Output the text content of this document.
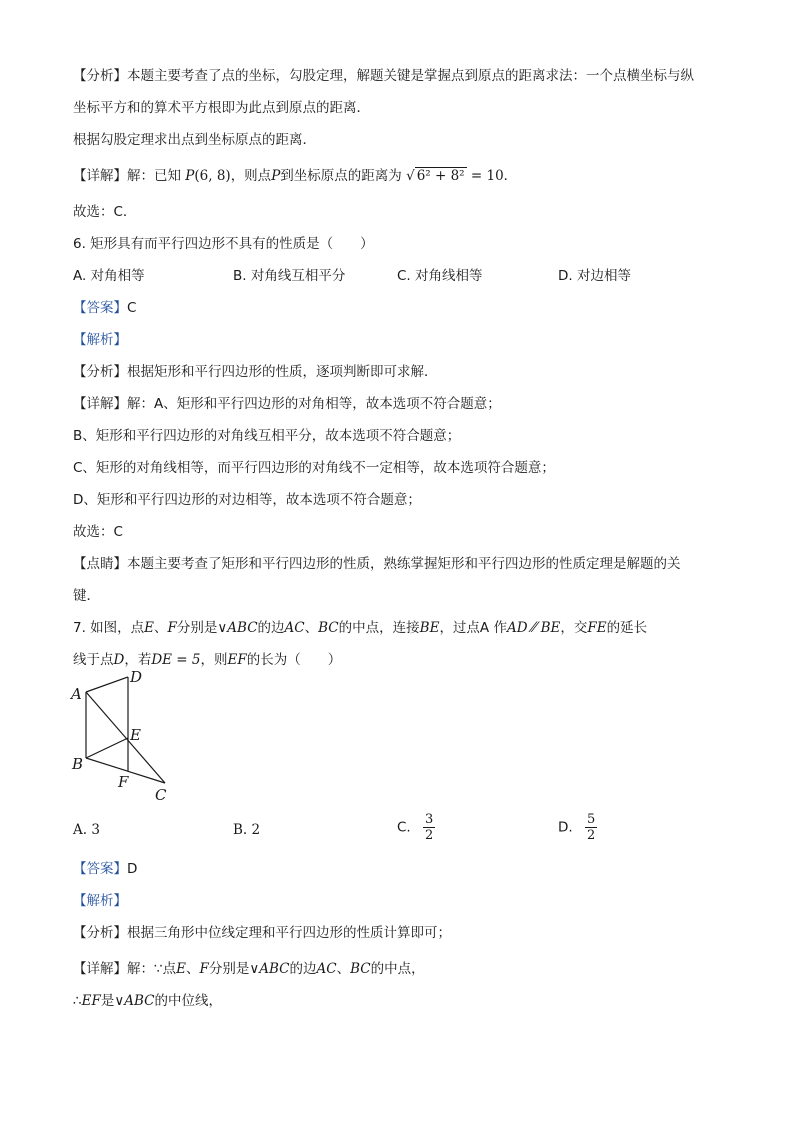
【分析】本题主要考查了点的坐标，勾股定理，解题关键是掌握点到原点的距离求法：一个点横坐标与纵
坐标平方和的算术平方根即为此点到原点的距离．
根据勾股定理求出点到坐标原点的距离．
【详解】解：已知 P(6, 8)，则点P到坐标原点的距离为 √ 6² + 8² = 10．
故选：C．
6. 矩形具有而平行四边形不具有的性质是（　　）
A. 对角相等	B. 对角线互相平分	C. 对角线相等	D. 对边相等
【答案】C
【解析】
【分析】根据矩形和平行四边形的性质，逐项判断即可求解．
【详解】解：A、矩形和平行四边形的对角相等，故本选项不符合题意；
B、矩形和平行四边形的对角线互相平分，故本选项不符合题意；
C、矩形的对角线相等，而平行四边形的对角线不一定相等，故本选项符合题意；
D、矩形和平行四边形的对边相等，故本选项不符合题意；
故选：C
【点睛】本题主要考查了矩形和平行四边形的性质，熟练掌握矩形和平行四边形的性质定理是解题的关
键．
7. 如图，点E、F分别是∨ABC的边AC、BC的中点，连接BE，过点A 作AD ⁄⁄ BE，交FE的延长
线于点D，若DE = 5，则EF的长为（　　）
A
D
E
B
F
C
A. 3	B. 2	C. $\frac{3}{2}$	D. $\frac{5}{2}$
【答案】D
【解析】
【分析】根据三角形中位线定理和平行四边形的性质计算即可；
【详解】解：∵点E、F分别是∨ABC的边AC、BC的中点，
∴EF是∨ABC的中位线，
